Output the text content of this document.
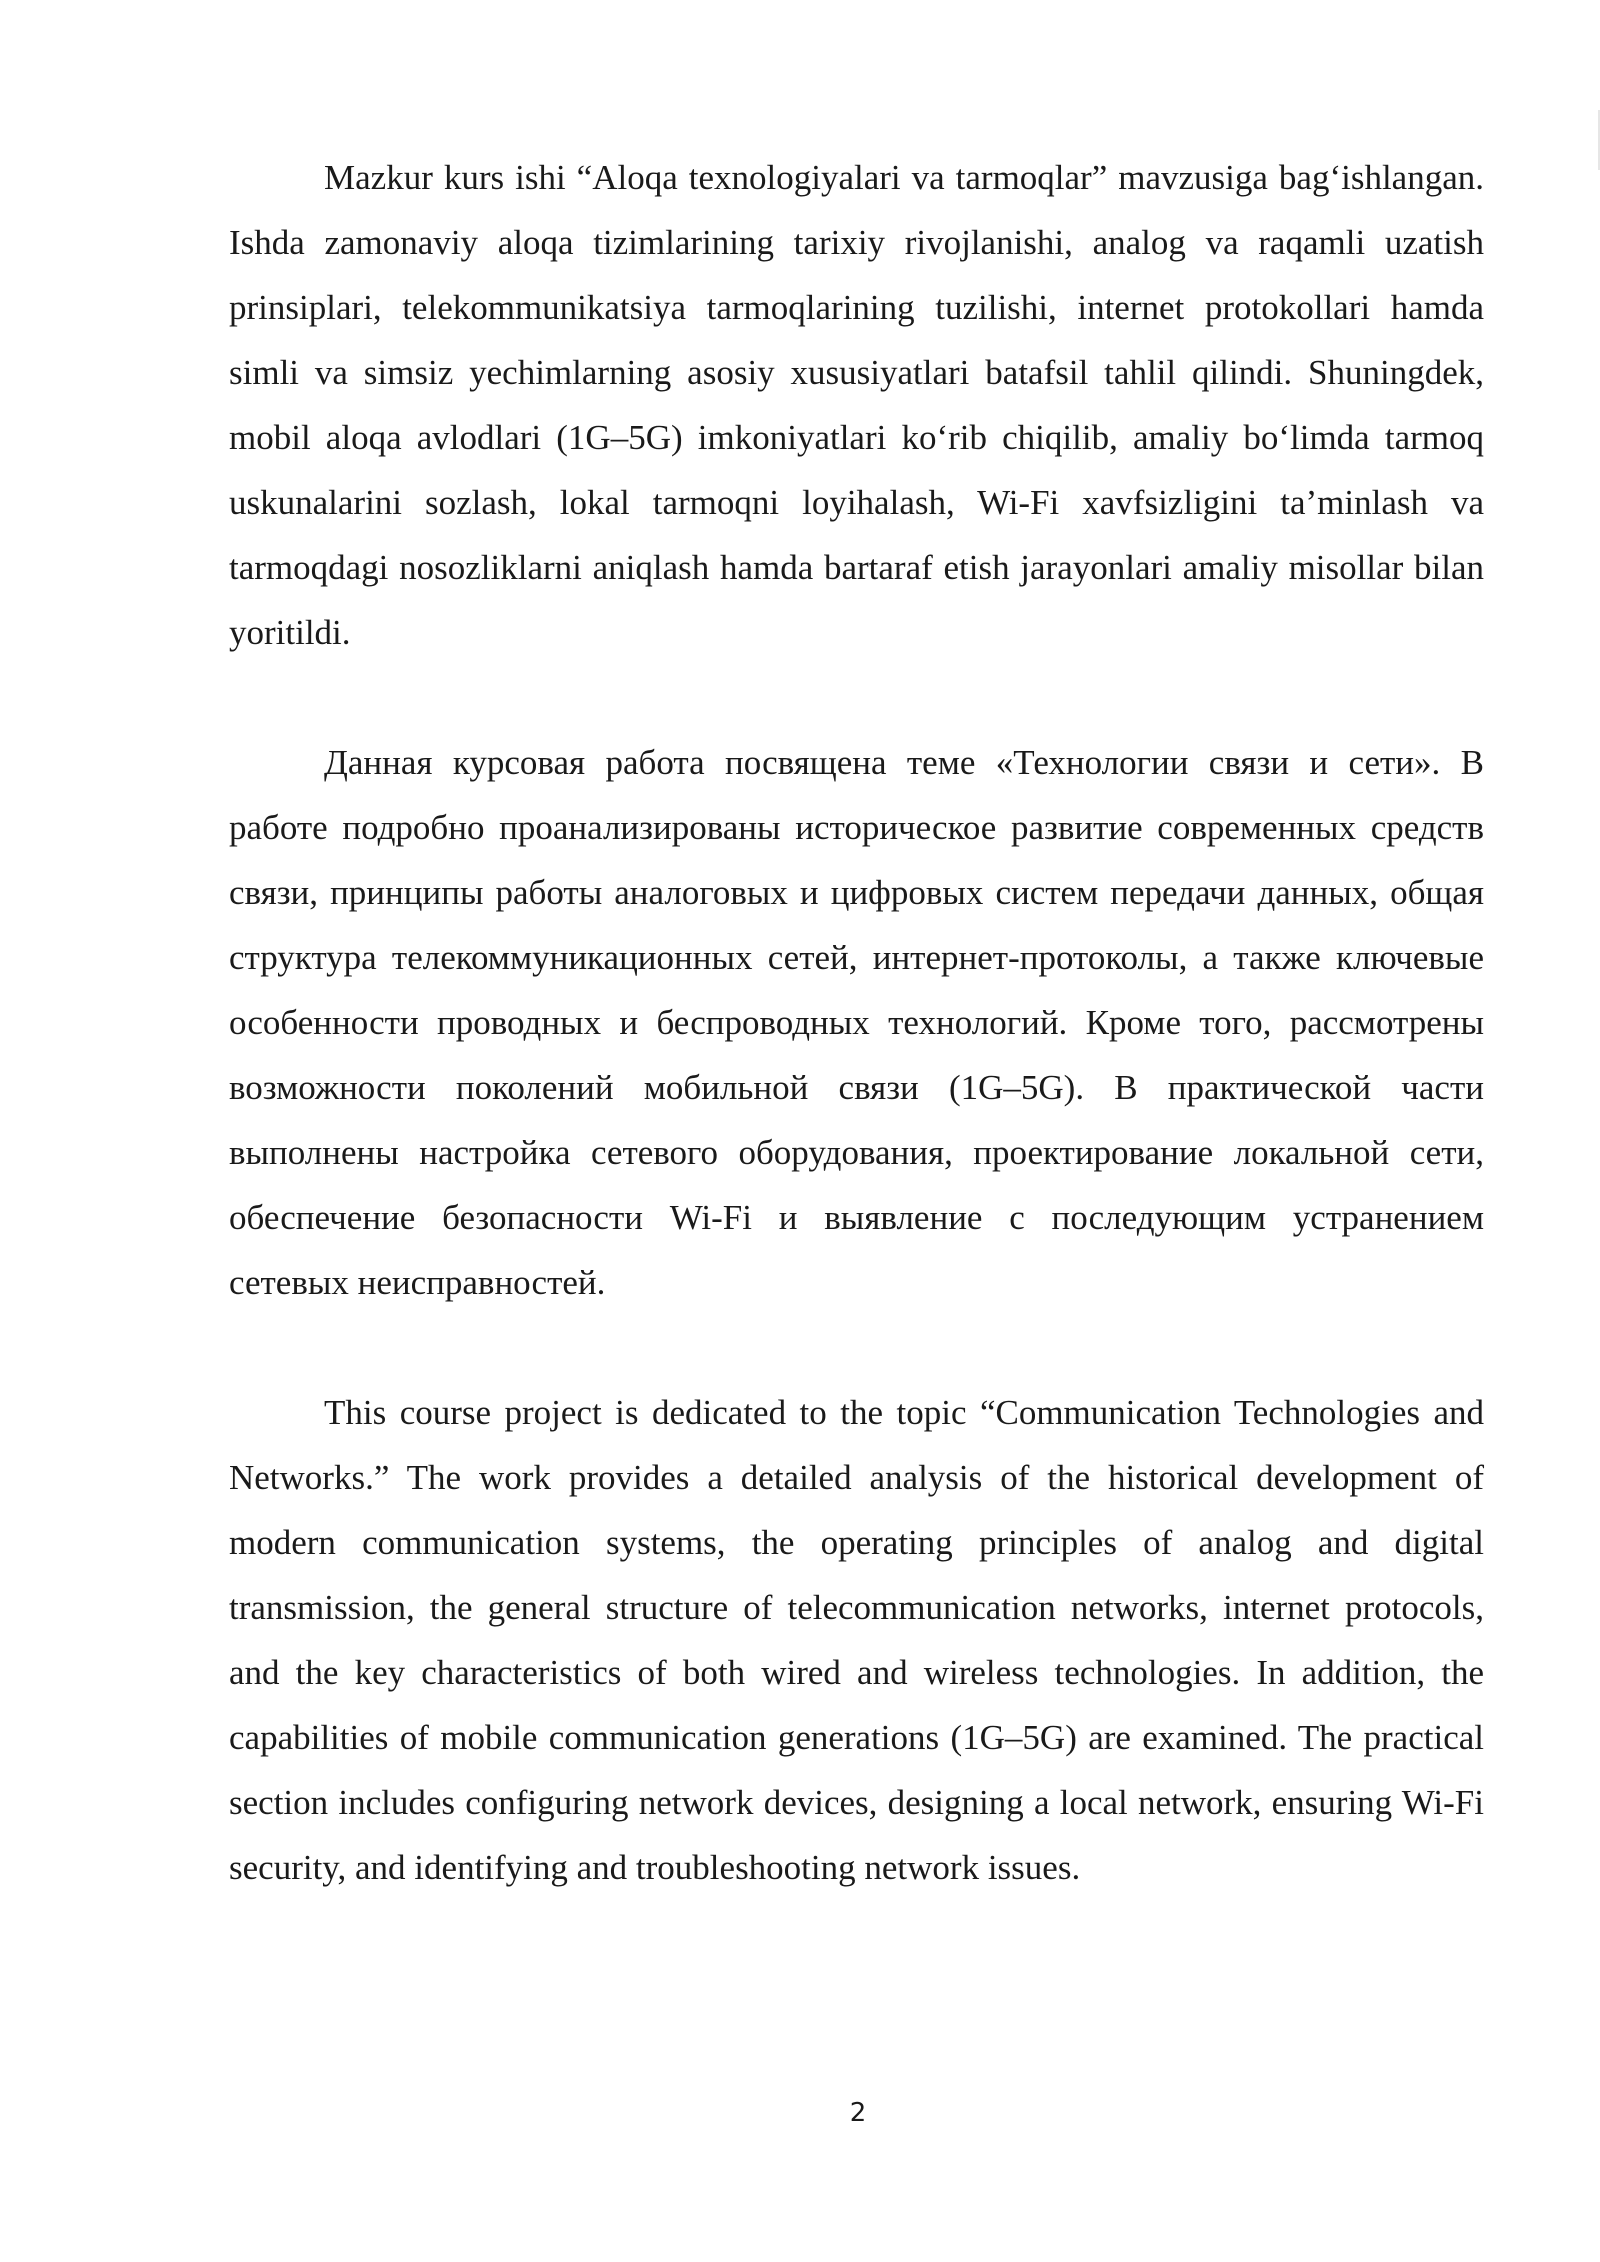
Mazkur kurs ishi “Aloqa texnologiyalari va tarmoqlar” mavzusiga bag‘ishlangan. Ishda zamonaviy aloqa tizimlarining tarixiy rivojlanishi, analog va raqamli uzatish prinsiplari, telekommunikatsiya tarmoqlarining tuzilishi, internet protokollari hamda simli va simsiz yechimlarning asosiy xususiyatlari batafsil tahlil qilindi. Shuningdek, mobil aloqa avlodlari (1G–5G) imkoniyatlari ko‘rib chiqilib, amaliy bo‘limda tarmoq uskunalarini sozlash, lokal tarmoqni loyihalash, Wi-Fi xavfsizligini ta’minlash va tarmoqdagi nosozliklarni aniqlash hamda bartaraf etish jarayonlari amaliy misollar bilan yoritildi.

Данная курсовая работа посвящена теме «Технологии связи и сети». В работе подробно проанализированы историческое развитие современных средств связи, принципы работы аналоговых и цифровых систем передачи данных, общая структура телекоммуникационных сетей, интернет-протоколы, а также ключевые особенности проводных и беспроводных технологий. Кроме того, рассмотрены возможности поколений мобильной связи (1G–5G). В практической части выполнены настройка сетевого оборудования, проектирование локальной сети, обеспечение безопасности Wi-Fi и выявление с последующим устранением сетевых неисправностей.

This course project is dedicated to the topic “Communication Technologies and Networks.” The work provides a detailed analysis of the historical development of modern communication systems, the operating principles of analog and digital transmission, the general structure of telecommunication networks, internet protocols, and the key characteristics of both wired and wireless technologies. In addition, the capabilities of mobile communication generations (1G–5G) are examined. The practical section includes configuring network devices, designing a local network, ensuring Wi-Fi security, and identifying and troubleshooting network issues.

2
